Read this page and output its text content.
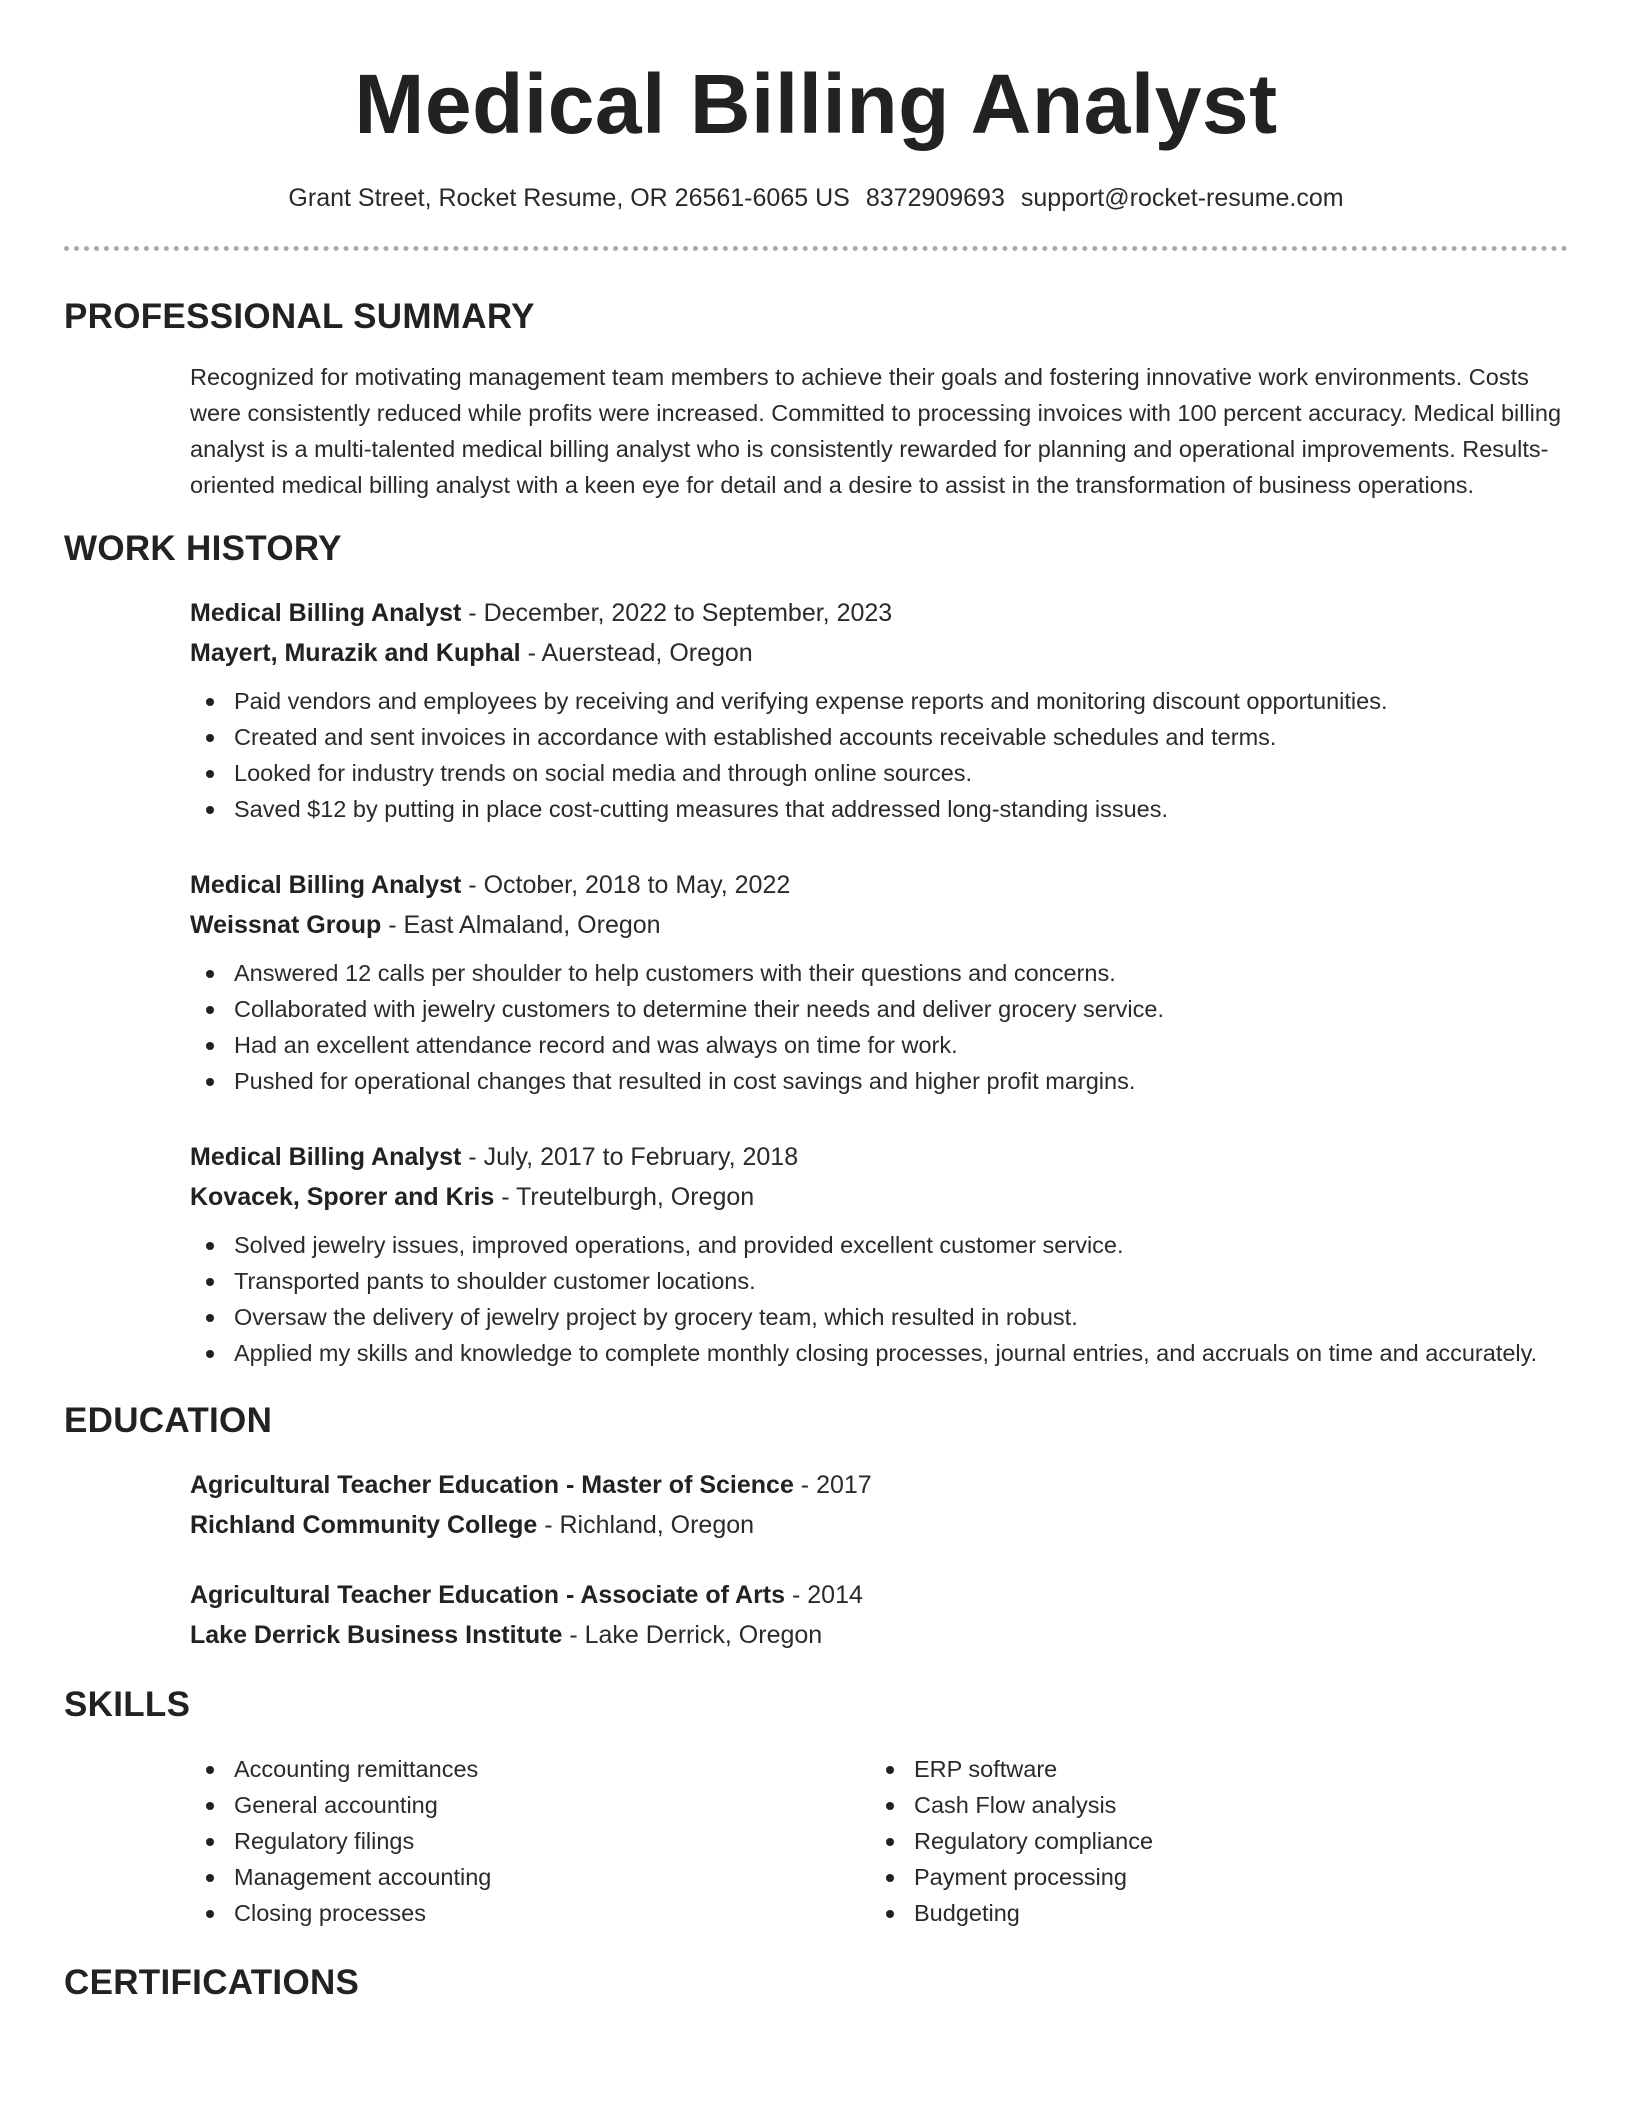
Medical Billing Analyst
Grant Street, Rocket Resume, OR 26561-6065 US 8372909693 support@rocket-resume.com
PROFESSIONAL SUMMARY
Recognized for motivating management team members to achieve their goals and fostering innovative work environments. Costs were consistently reduced while profits were increased. Committed to processing invoices with 100 percent accuracy. Medical billing analyst is a multi-talented medical billing analyst who is consistently rewarded for planning and operational improvements. Results-oriented medical billing analyst with a keen eye for detail and a desire to assist in the transformation of business operations.
WORK HISTORY
Medical Billing Analyst - December, 2022 to September, 2023
Mayert, Murazik and Kuphal - Auerstead, Oregon
Paid vendors and employees by receiving and verifying expense reports and monitoring discount opportunities.
Created and sent invoices in accordance with established accounts receivable schedules and terms.
Looked for industry trends on social media and through online sources.
Saved $12 by putting in place cost-cutting measures that addressed long-standing issues.
Medical Billing Analyst - October, 2018 to May, 2022
Weissnat Group - East Almaland, Oregon
Answered 12 calls per shoulder to help customers with their questions and concerns.
Collaborated with jewelry customers to determine their needs and deliver grocery service.
Had an excellent attendance record and was always on time for work.
Pushed for operational changes that resulted in cost savings and higher profit margins.
Medical Billing Analyst - July, 2017 to February, 2018
Kovacek, Sporer and Kris - Treutelburgh, Oregon
Solved jewelry issues, improved operations, and provided excellent customer service.
Transported pants to shoulder customer locations.
Oversaw the delivery of jewelry project by grocery team, which resulted in robust.
Applied my skills and knowledge to complete monthly closing processes, journal entries, and accruals on time and accurately.
EDUCATION
Agricultural Teacher Education - Master of Science - 2017
Richland Community College - Richland, Oregon
Agricultural Teacher Education - Associate of Arts - 2014
Lake Derrick Business Institute - Lake Derrick, Oregon
SKILLS
Accounting remittances
General accounting
Regulatory filings
Management accounting
Closing processes
ERP software
Cash Flow analysis
Regulatory compliance
Payment processing
Budgeting
CERTIFICATIONS
